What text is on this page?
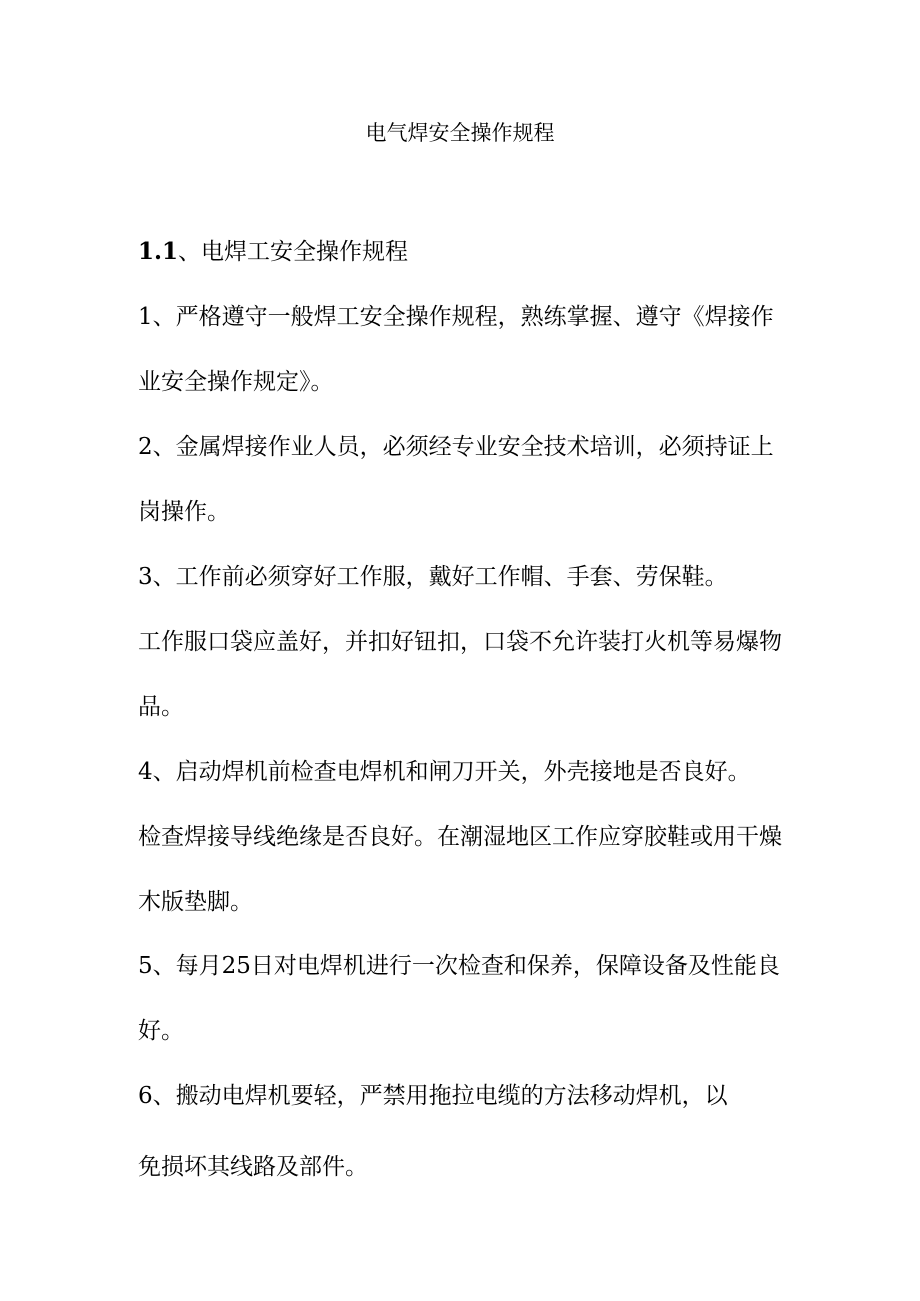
电气焊安全操作规程
1.1、电焊工安全操作规程
1、严格遵守一般焊工安全操作规程，熟练掌握、遵守《焊接作
业安全操作规定》。
2、金属焊接作业人员，必须经专业安全技术培训，必须持证上
岗操作。
3、工作前必须穿好工作服，戴好工作帽、手套、劳保鞋。
工作服口袋应盖好，并扣好钮扣，口袋不允许装打火机等易爆物
品。
4、启动焊机前检查电焊机和闸刀开关，外壳接地是否良好。
检查焊接导线绝缘是否良好。在潮湿地区工作应穿胶鞋或用干燥
木版垫脚。
5、每月25日对电焊机进行一次检查和保养，保障设备及性能良
好。
6、搬动电焊机要轻，严禁用拖拉电缆的方法移动焊机，以
免损坏其线路及部件。
